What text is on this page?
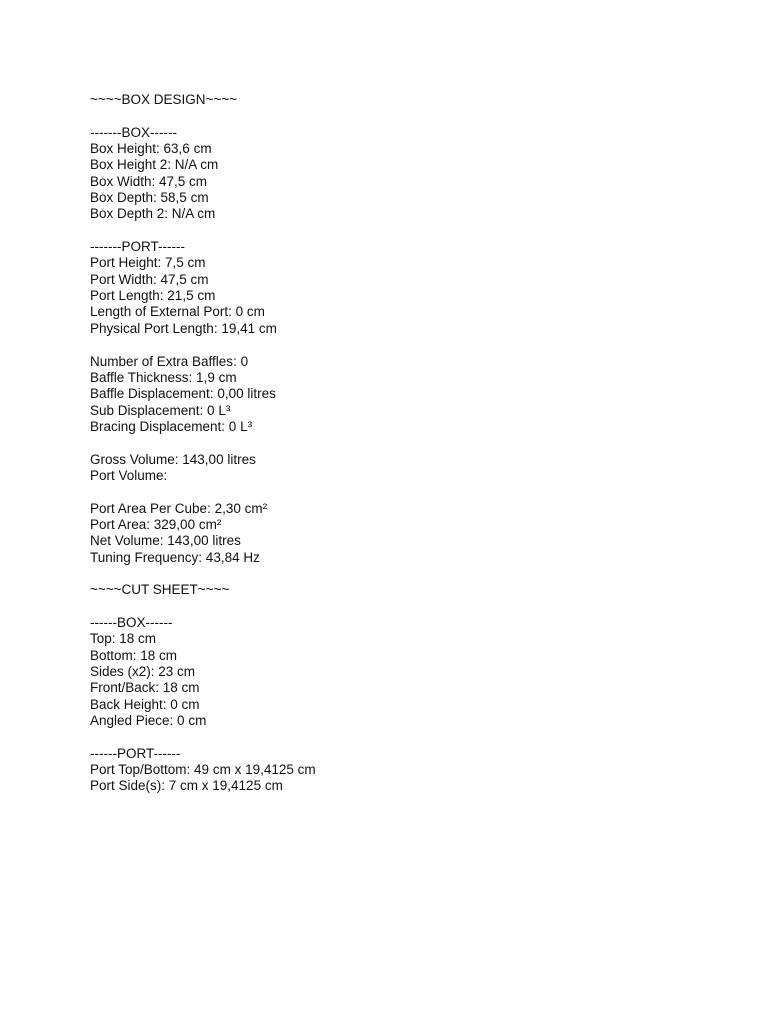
~~~~BOX DESIGN~~~~
-------BOX------
Box Height: 63,6 cm
Box Height 2: N/A cm
Box Width: 47,5 cm
Box Depth: 58,5 cm
Box Depth 2: N/A cm
-------PORT------
Port Height: 7,5 cm
Port Width: 47,5 cm
Port Length: 21,5 cm
Length of External Port: 0 cm
Physical Port Length: 19,41 cm
Number of Extra Baffles: 0
Baffle Thickness: 1,9 cm
Baffle Displacement: 0,00 litres
Sub Displacement: 0 L³
Bracing Displacement: 0 L³
Gross Volume: 143,00 litres
Port Volume:
Port Area Per Cube: 2,30 cm²
Port Area: 329,00 cm²
Net Volume: 143,00 litres
Tuning Frequency: 43,84 Hz
~~~~CUT SHEET~~~~
------BOX------
Top: 18 cm
Bottom: 18 cm
Sides (x2): 23 cm
Front/Back: 18 cm
Back Height: 0 cm
Angled Piece: 0 cm
------PORT------
Port Top/Bottom: 49 cm x 19,4125 cm
Port Side(s): 7 cm x 19,4125 cm
